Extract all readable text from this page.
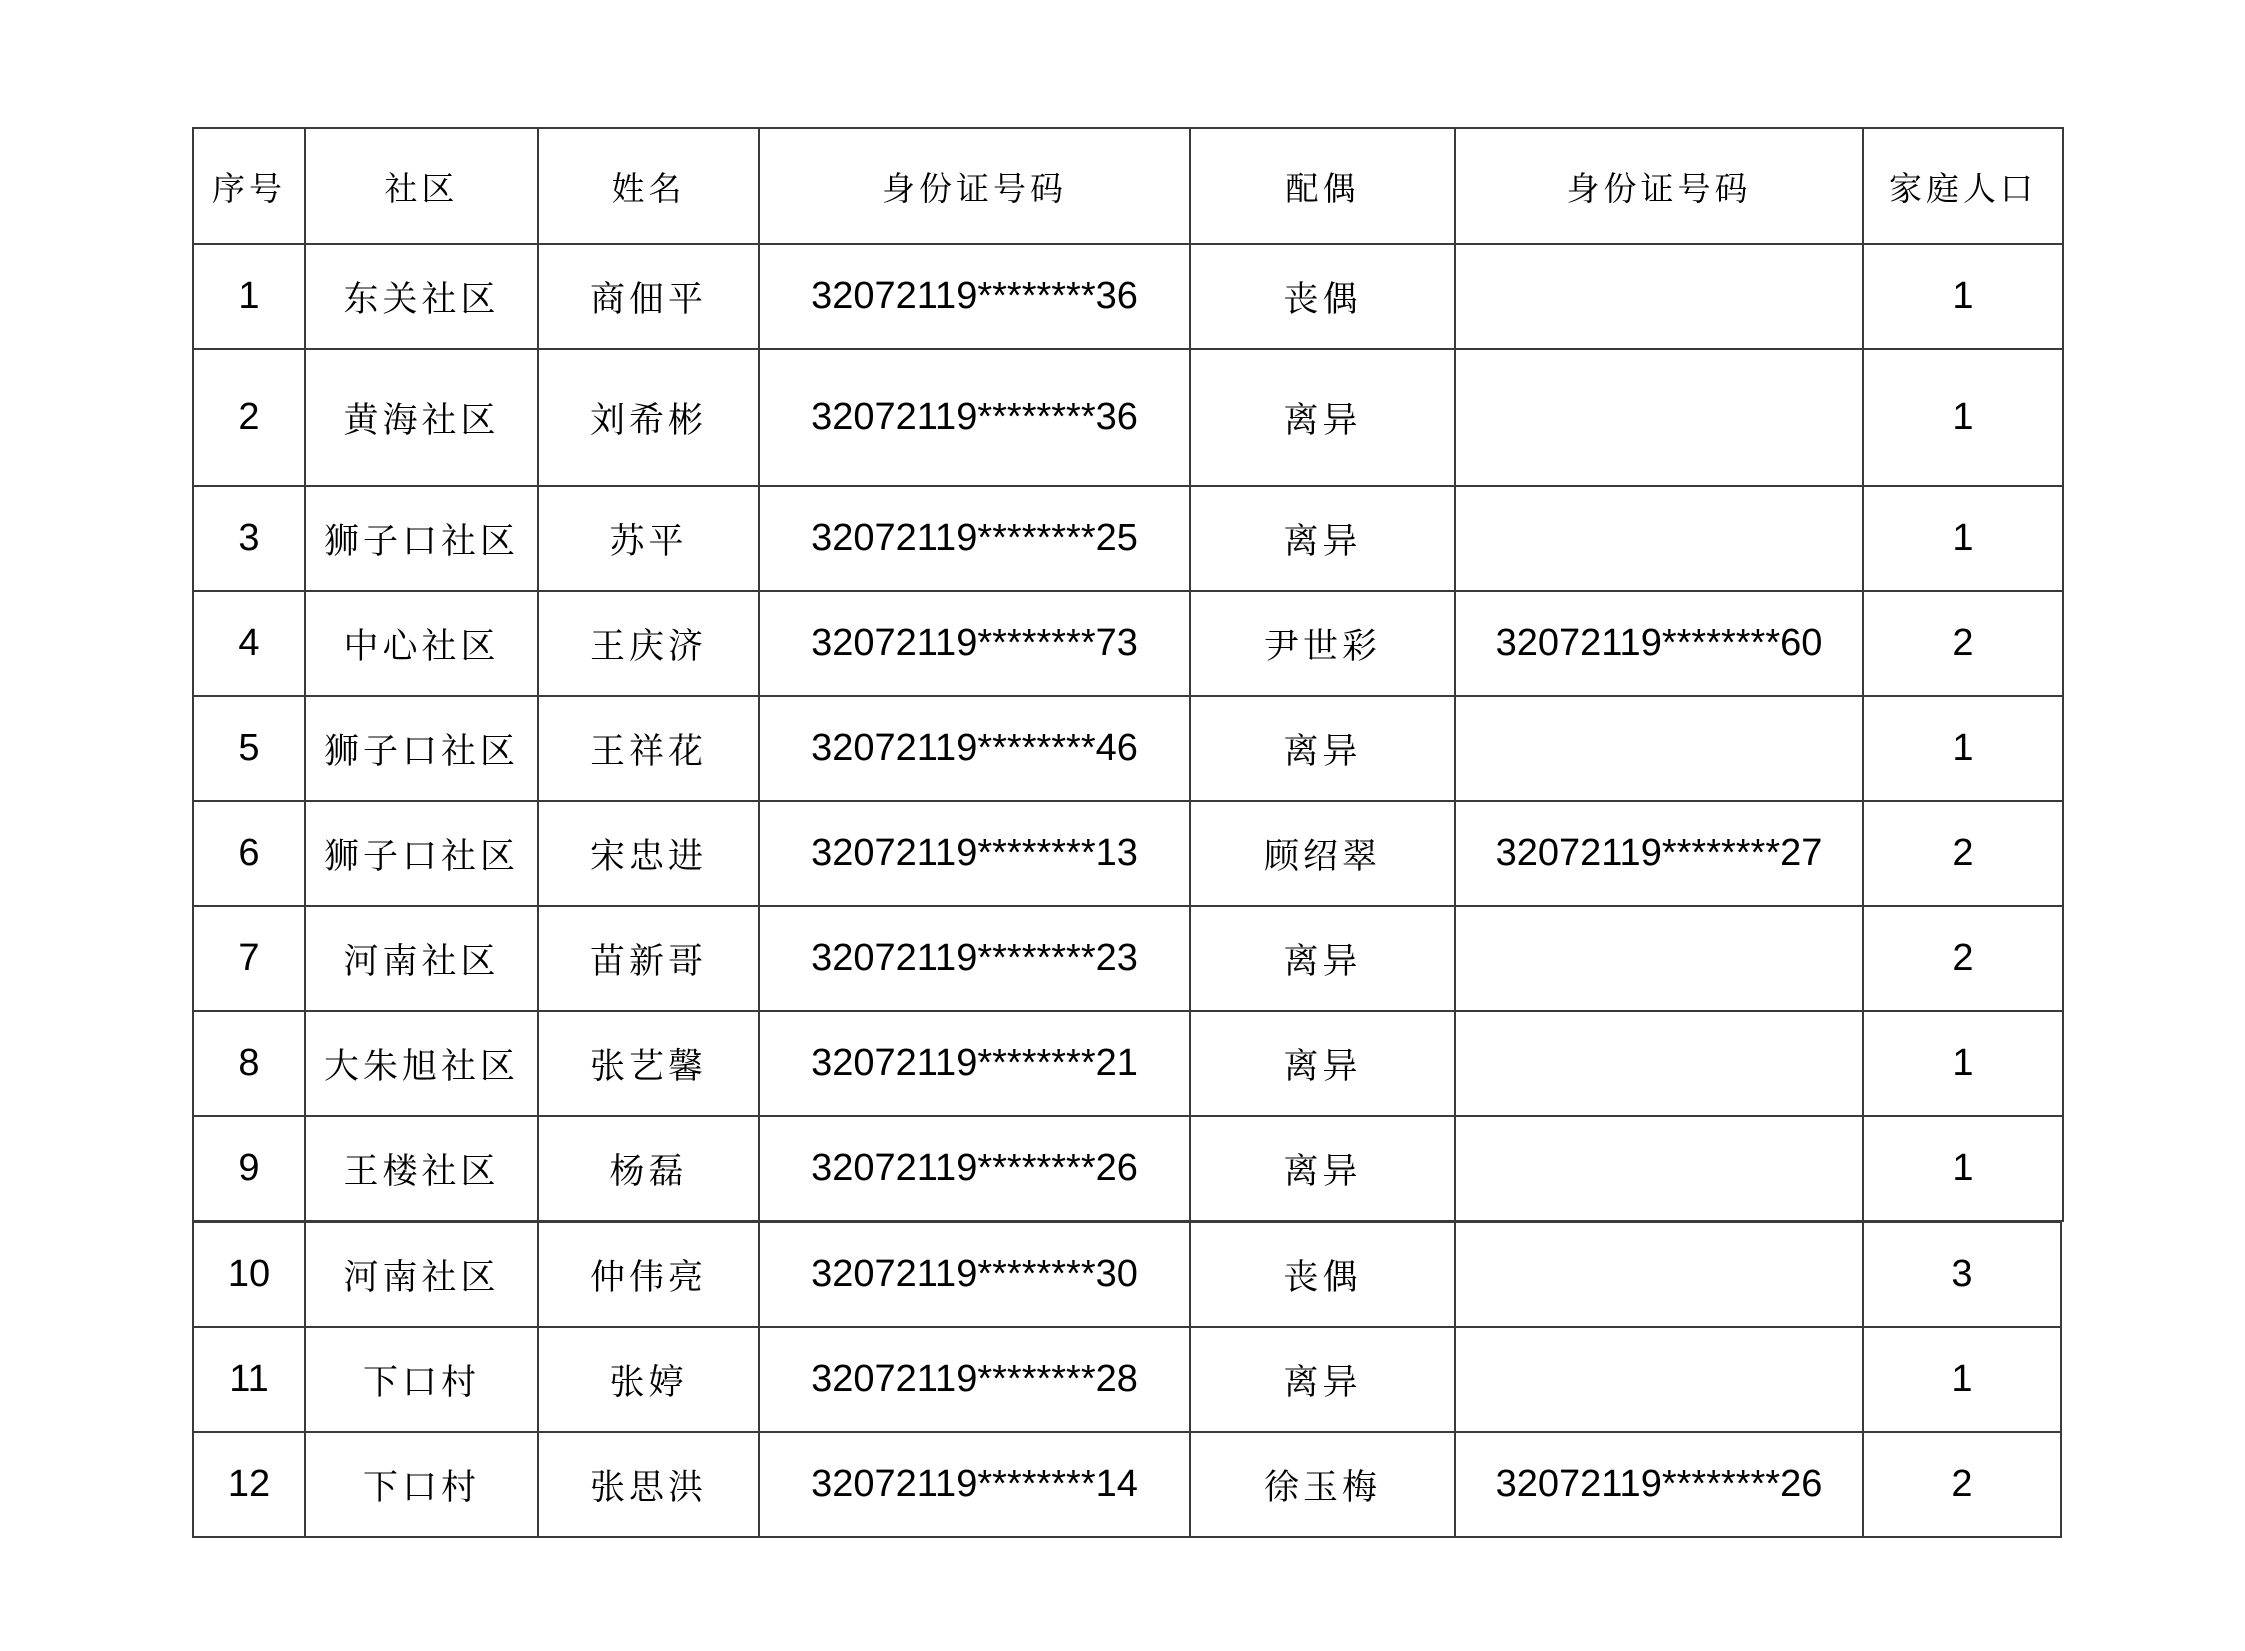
序号	社区	姓名	身份证号码	配偶	身份证号码	家庭人口
1	东关社区	商佃平	32072119********36	丧偶		1
2	黄海社区	刘希彬	32072119********36	离异		1
3	狮子口社区	苏平	32072119********25	离异		1
4	中心社区	王庆济	32072119********73	尹世彩	32072119********60	2
5	狮子口社区	王祥花	32072119********46	离异		1
6	狮子口社区	宋忠进	32072119********13	顾绍翠	32072119********27	2
7	河南社区	苗新哥	32072119********23	离异		2
8	大朱旭社区	张艺馨	32072119********21	离异		1
9	王楼社区	杨磊	32072119********26	离异		1
10	河南社区	仲伟亮	32072119********30	丧偶		3
11	下口村	张婷	32072119********28	离异		1
12	下口村	张思洪	32072119********14	徐玉梅	32072119********26	2
